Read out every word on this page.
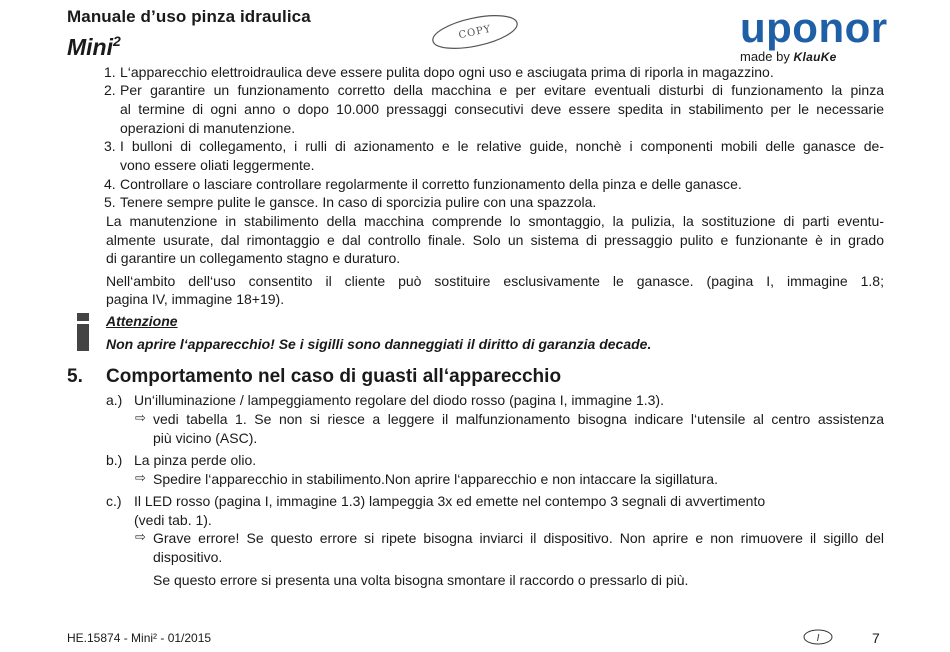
Manuale d’uso pinza idraulica
Mini$^2$	COPY	uponor
made by KlauKe
1. L‘apparecchio elettroidraulica deve essere pulita dopo ogni uso e asciugata prima di riporla in magazzino.
2. Per garantire un funzionamento corretto della macchina e per evitare eventuali disturbi di funzionamento la pinza
al termine di ogni anno o dopo 10.000 pressaggi consecutivi deve essere spedita in stabilimento per le necessarie
operazioni di manutenzione.
3. I bulloni di collegamento, i rulli di azionamento e le relative guide, nonchè i componenti mobili delle ganasce de-
vono essere oliati leggermente.
4. Controllare o lasciare controllare regolarmente il corretto funzionamento della pinza e delle ganasce.
5. Tenere sempre pulite le gansce. In caso di sporcizia pulire con una spazzola.
La manutenzione in stabilimento della macchina comprende lo smontaggio, la pulizia, la sostituzione di parti eventu-
almente usurate, dal rimontaggio e dal controllo finale. Solo un sistema di pressaggio pulito e funzionante è in grado
di garantire un collegamento stagno e duraturo.
Nell‘ambito dell‘uso consentito il cliente può sostituire esclusivamente le ganasce. (pagina I, immagine 1.8;
pagina IV, immagine 18+19).
Attenzione
Non aprire l‘apparecchio! Se i sigilli sono danneggiati il diritto di garanzia decade.
5. Comportamento nel caso di guasti all‘apparecchio
a.) Un‘illuminazione / lampeggiamento regolare del diodo rosso (pagina I, immagine 1.3).
⇨ vedi tabella 1. Se non si riesce a leggere il malfunzionamento bisogna indicare l‘utensile al centro assistenza
più vicino (ASC).
b.) La pinza perde olio.
⇨ Spedire l‘apparecchio in stabilimento.Non aprire l‘apparecchio e non intaccare la sigillatura.
c.) Il LED rosso (pagina I, immagine 1.3) lampeggia 3x ed emette nel contempo 3 segnali di avvertimento
(vedi tab. 1).
⇨ Grave errore! Se questo errore si ripete bisogna inviarci il dispositivo. Non aprire e non rimuovere il sigillo del
dispositivo.
Se questo errore si presenta una volta bisogna smontare il raccordo o pressarlo di più.
HE.15874 - Mini² - 01/2015	I	7
